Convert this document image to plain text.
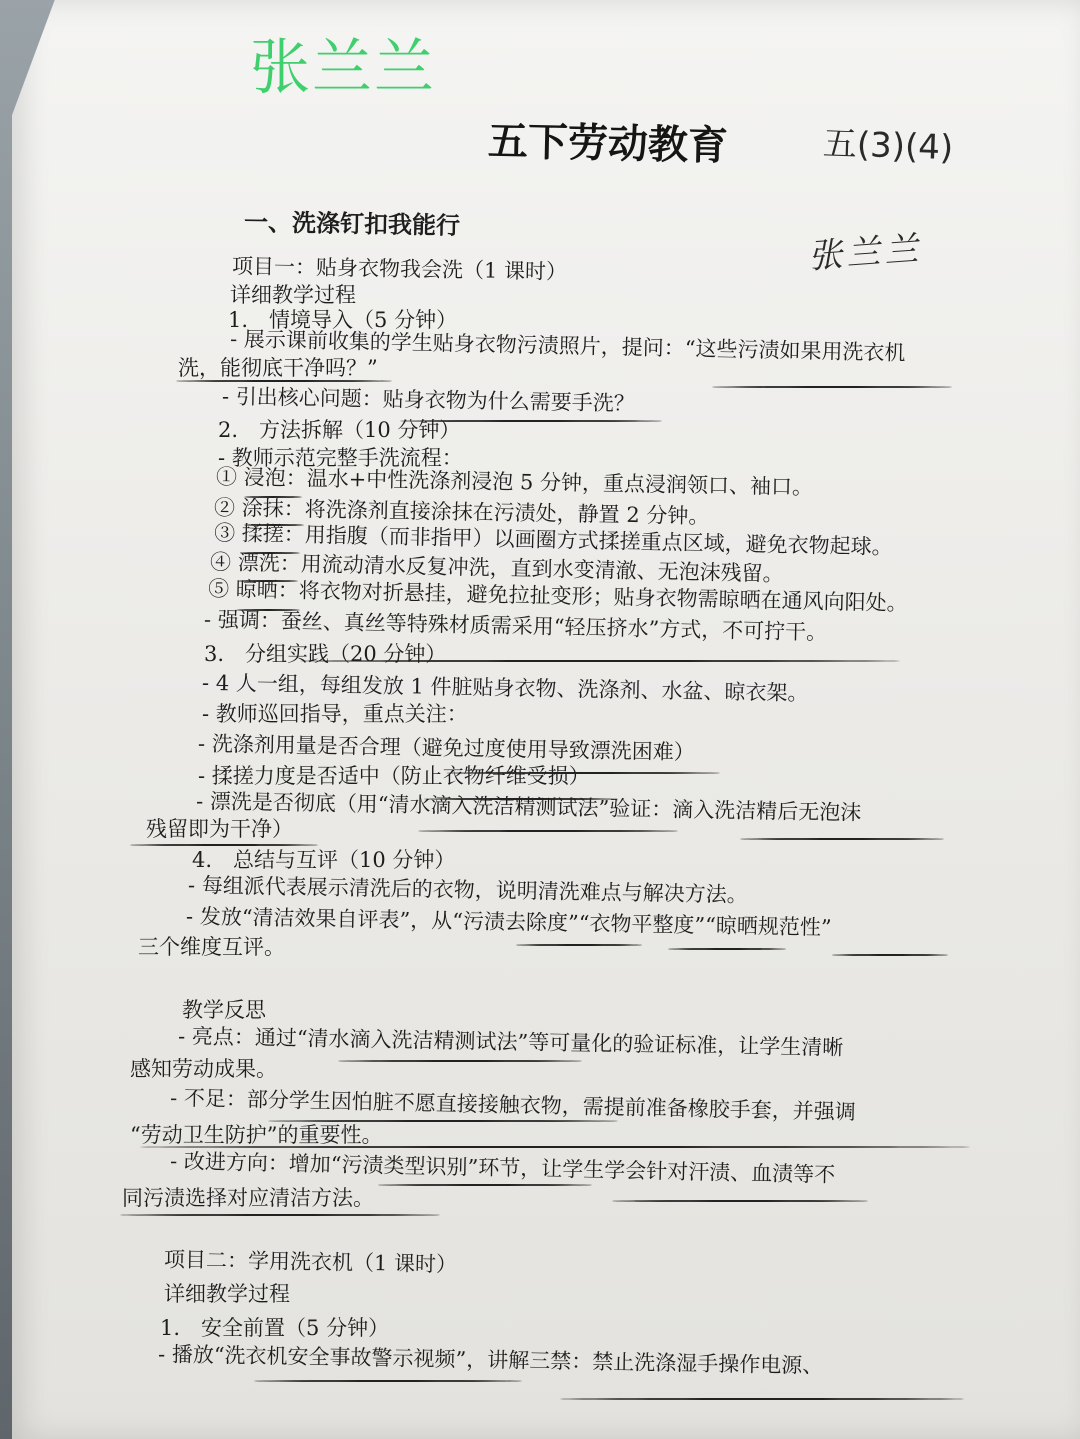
张兰兰
五下劳动教育	五(3)(4)
张兰兰
一、洗涤钉扣我能行
项目一：贴身衣物我会洗（1 课时）
详细教学过程
1.　情境导入（5 分钟）
- 展示课前收集的学生贴身衣物污渍照片，提问：“这些污渍如果用洗衣机
洗，能彻底干净吗？”
- 引出核心问题：贴身衣物为什么需要手洗？
2.　方法拆解（10 分钟）
- 教师示范完整手洗流程：
① 浸泡：温水+中性洗涤剂浸泡 5 分钟，重点浸润领口、袖口。
② 涂抹：将洗涤剂直接涂抹在污渍处，静置 2 分钟。
③ 揉搓：用指腹（而非指甲）以画圈方式揉搓重点区域，避免衣物起球。
④ 漂洗：用流动清水反复冲洗，直到水变清澈、无泡沫残留。
⑤ 晾晒：将衣物对折悬挂，避免拉扯变形；贴身衣物需晾晒在通风向阳处。
- 强调：蚕丝、真丝等特殊材质需采用“轻压挤水”方式，不可拧干。
3.　分组实践（20 分钟）
- 4 人一组，每组发放 1 件脏贴身衣物、洗涤剂、水盆、晾衣架。
- 教师巡回指导，重点关注：
- 洗涤剂用量是否合理（避免过度使用导致漂洗困难）
- 揉搓力度是否适中（防止衣物纤维受损）
- 漂洗是否彻底（用“清水滴入洗洁精测试法”验证：滴入洗洁精后无泡沫
残留即为干净）
4.　总结与互评（10 分钟）
- 每组派代表展示清洗后的衣物，说明清洗难点与解决方法。
- 发放“清洁效果自评表”，从“污渍去除度”“衣物平整度”“晾晒规范性”
三个维度互评。
教学反思
- 亮点：通过“清水滴入洗洁精测试法”等可量化的验证标准，让学生清晰
感知劳动成果。
- 不足：部分学生因怕脏不愿直接接触衣物，需提前准备橡胶手套，并强调
“劳动卫生防护”的重要性。
- 改进方向：增加“污渍类型识别”环节，让学生学会针对汗渍、血渍等不
同污渍选择对应清洁方法。
项目二：学用洗衣机（1 课时）
详细教学过程
1.　安全前置（5 分钟）
- 播放“洗衣机安全事故警示视频”，讲解三禁：禁止洗涤湿手操作电源、
